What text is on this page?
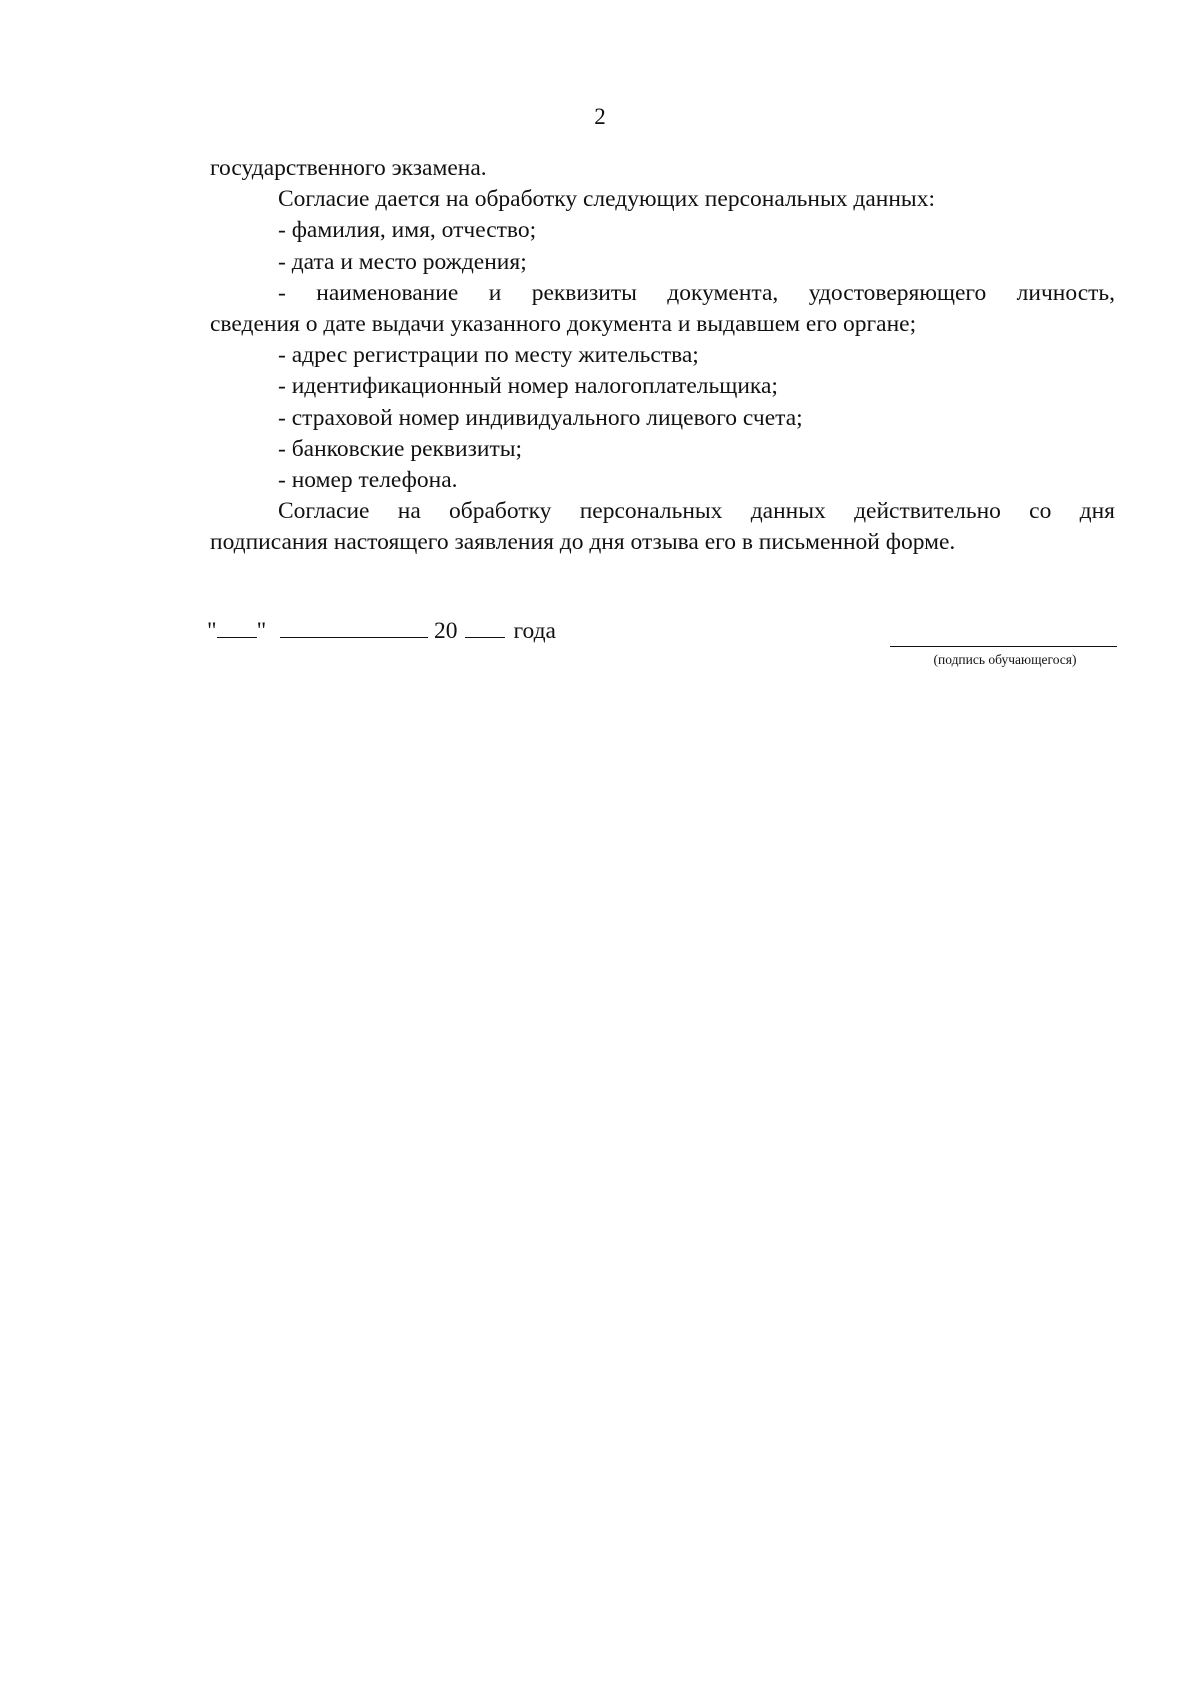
2
государственного экзамена.
Согласие дается на обработку следующих персональных данных:
- фамилия, имя, отчество;
- дата и место рождения;
- наименование и реквизиты документа, удостоверяющего личность,
сведения о дате выдачи указанного документа и выдавшем его органе;
- адрес регистрации по месту жительства;
- идентификационный номер налогоплательщика;
- страховой номер индивидуального лицевого счета;
- банковские реквизиты;
- номер телефона.
Согласие на обработку персональных данных действительно со дня
подписания настоящего заявления до дня отзыва его в письменной форме.
" "	20 года
(подпись обучающегося)
